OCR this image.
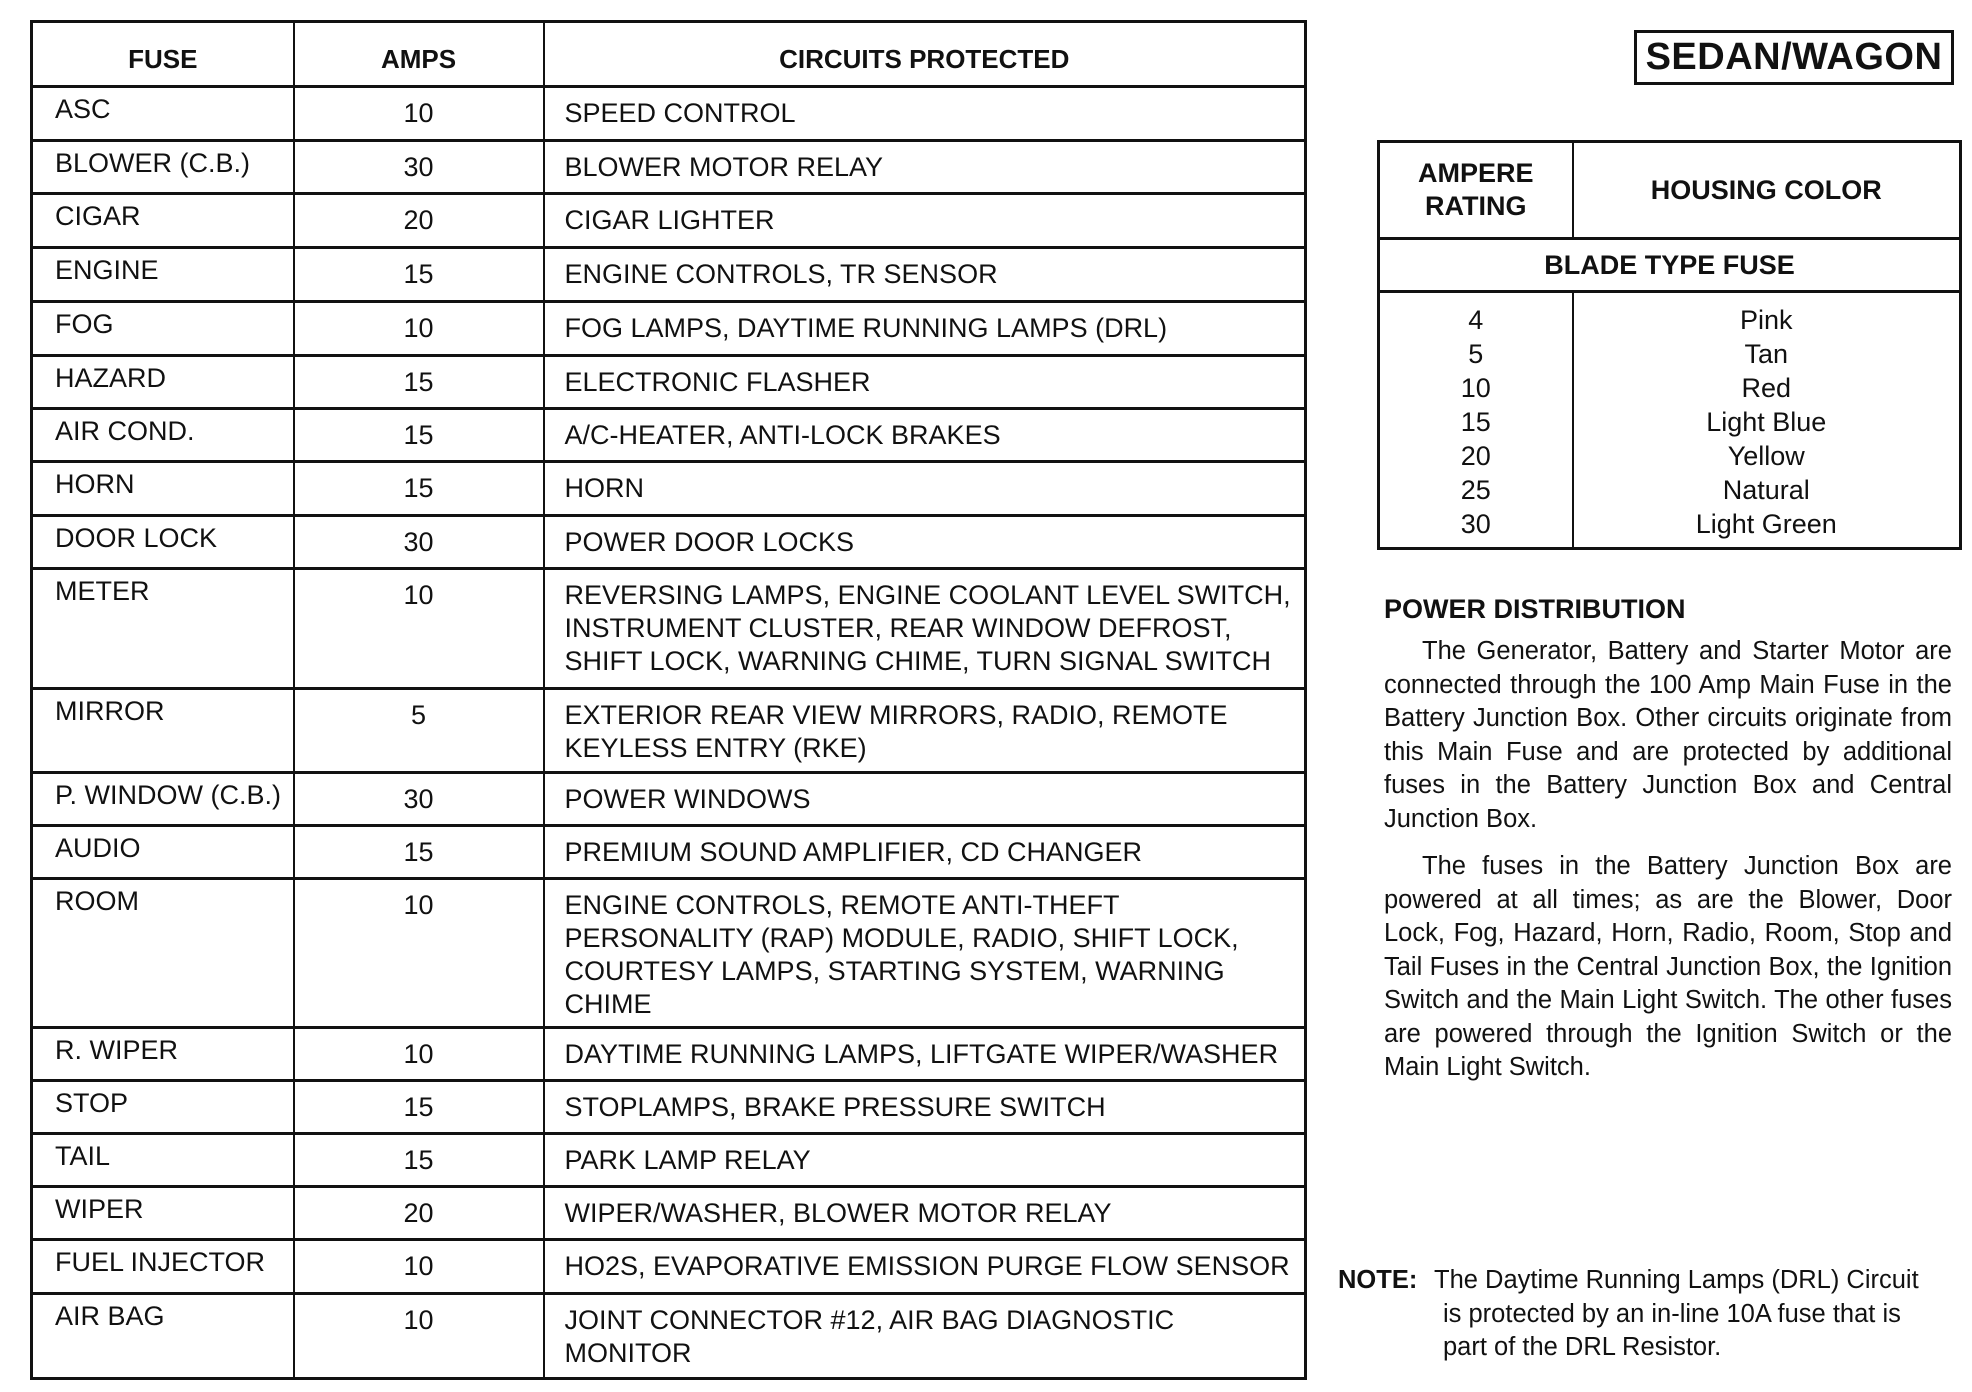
FUSE	AMPS	CIRCUITS PROTECTED
ASC	10	SPEED CONTROL
BLOWER (C.B.)	30	BLOWER MOTOR RELAY
CIGAR	20	CIGAR LIGHTER
ENGINE	15	ENGINE CONTROLS, TR SENSOR
FOG	10	FOG LAMPS, DAYTIME RUNNING LAMPS (DRL)
HAZARD	15	ELECTRONIC FLASHER
AIR COND.	15	A/C-HEATER, ANTI-LOCK BRAKES
HORN	15	HORN
DOOR LOCK	30	POWER DOOR LOCKS
METER	10	REVERSING LAMPS, ENGINE COOLANT LEVEL SWITCH, INSTRUMENT CLUSTER, REAR WINDOW DEFROST, SHIFT LOCK, WARNING CHIME, TURN SIGNAL SWITCH
MIRROR	5	EXTERIOR REAR VIEW MIRRORS, RADIO, REMOTE KEYLESS ENTRY (RKE)
P. WINDOW (C.B.)	30	POWER WINDOWS
AUDIO	15	PREMIUM SOUND AMPLIFIER, CD CHANGER
ROOM	10	ENGINE CONTROLS, REMOTE ANTI-THEFT PERSONALITY (RAP) MODULE, RADIO, SHIFT LOCK, COURTESY LAMPS, STARTING SYSTEM, WARNING CHIME
R. WIPER	10	DAYTIME RUNNING LAMPS, LIFTGATE WIPER/WASHER
STOP	15	STOPLAMPS, BRAKE PRESSURE SWITCH
TAIL	15	PARK LAMP RELAY
WIPER	20	WIPER/WASHER, BLOWER MOTOR RELAY
FUEL INJECTOR	10	HO2S, EVAPORATIVE EMISSION PURGE FLOW SENSOR
AIR BAG	10	JOINT CONNECTOR #12, AIR BAG DIAGNOSTIC MONITOR
SEDAN/WAGON
AMPERE RATING	HOUSING COLOR
BLADE TYPE FUSE	
4	Pink
5	Tan
10	Red
15	Light Blue
20	Yellow
25	Natural
30	Light Green
POWER DISTRIBUTION

The Generator, Battery and Starter Motor are connected through the 100 Amp Main Fuse in the Battery Junction Box. Other circuits originate from this Main Fuse and are protected by additional fuses in the Battery Junction Box and Central Junction Box.

The fuses in the Battery Junction Box are powered at all times; as are the Blower, Door Lock, Fog, Hazard, Horn, Radio, Room, Stop and Tail Fuses in the Central Junction Box, the Ignition Switch and the Main Light Switch. The other fuses are powered through the Ignition Switch or the Main Light Switch.

NOTE: The Daytime Running Lamps (DRL) Circuit
is protected by an in-line 10A fuse that is
part of the DRL Resistor.
